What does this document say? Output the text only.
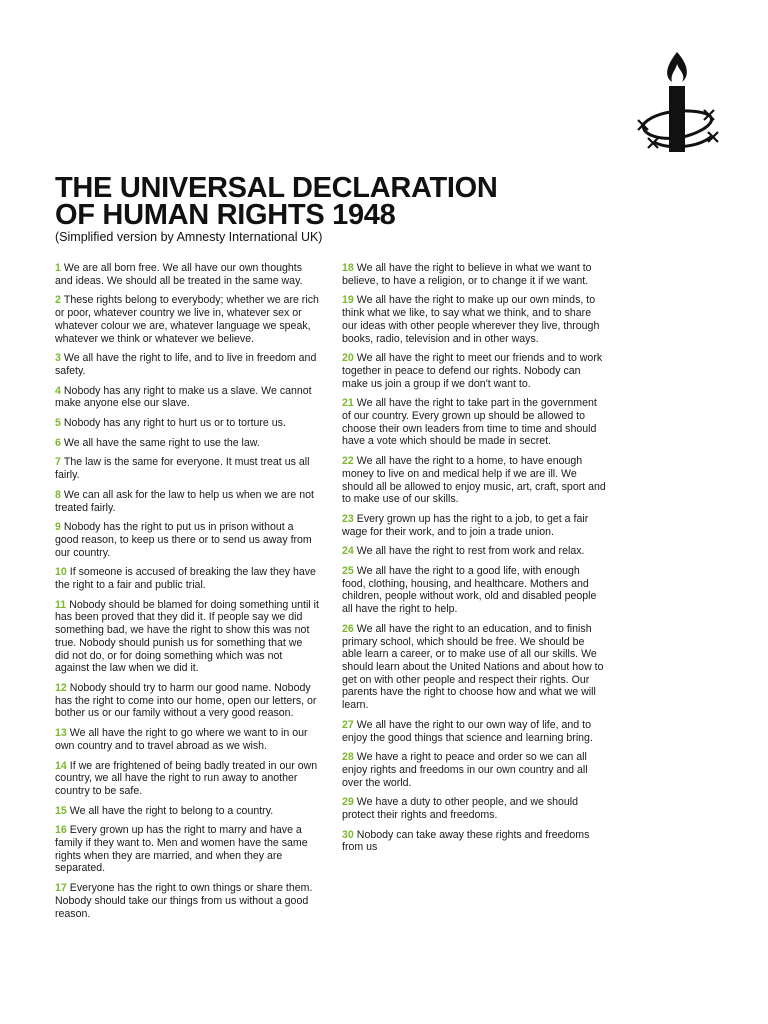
THE UNIVERSAL DECLARATION
OF HUMAN RIGHTS 1948
(Simplified version by Amnesty International UK)

1 We are all born free. We all have our own thoughts and ideas. We should all be treated in the same way.

2 These rights belong to everybody; whether we are rich or poor, whatever country we live in, whatever sex or whatever colour we are, whatever language we speak, whatever we think or whatever we believe.

3 We all have the right to life, and to live in freedom and safety.

4 Nobody has any right to make us a slave. We cannot make anyone else our slave.

5 Nobody has any right to hurt us or to torture us.

6 We all have the same right to use the law.

7 The law is the same for everyone. It must treat us all fairly.

8 We can all ask for the law to help us when we are not treated fairly.

9 Nobody has the right to put us in prison without a good reason, to keep us there or to send us away from our country.

10 If someone is accused of breaking the law they have the right to a fair and public trial.

11 Nobody should be blamed for doing something until it has been proved that they did it. If people say we did something bad, we have the right to show this was not true. Nobody should punish us for something that we did not do, or for doing something which was not against the law when we did it.

12 Nobody should try to harm our good name. Nobody has the right to come into our home, open our letters, or bother us or our family without a very good reason.

13 We all have the right to go where we want to in our own country and to travel abroad as we wish.

14 If we are frightened of being badly treated in our own country, we all have the right to run away to another country to be safe.

15 We all have the right to belong to a country.

16 Every grown up has the right to marry and have a family if they want to. Men and women have the same rights when they are married, and when they are separated.

17 Everyone has the right to own things or share them. Nobody should take our things from us without a good reason.

18 We all have the right to believe in what we want to believe, to have a religion, or to change it if we want.

19 We all have the right to make up our own minds, to think what we like, to say what we think, and to share our ideas with other people wherever they live, through books, radio, television and in other ways.

20 We all have the right to meet our friends and to work together in peace to defend our rights. Nobody can make us join a group if we don't want to.

21 We all have the right to take part in the government of our country. Every grown up should be allowed to choose their own leaders from time to time and should have a vote which should be made in secret.

22 We all have the right to a home, to have enough money to live on and medical help if we are ill. We should all be allowed to enjoy music, art, craft, sport and to make use of our skills.

23 Every grown up has the right to a job, to get a fair wage for their work, and to join a trade union.

24 We all have the right to rest from work and relax.

25 We all have the right to a good life, with enough food, clothing, housing, and healthcare. Mothers and children, people without work, old and disabled people all have the right to help.

26 We all have the right to an education, and to finish primary school, which should be free. We should be able learn a career, or to make use of all our skills. We should learn about the United Nations and about how to get on with other people and respect their rights. Our parents have the right to choose how and what we will learn.

27 We all have the right to our own way of life, and to enjoy the good things that science and learning bring.

28 We have a right to peace and order so we can all enjoy rights and freedoms in our own country and all over the world.

29 We have a duty to other people, and we should protect their rights and freedoms.

30 Nobody can take away these rights and freedoms from us
